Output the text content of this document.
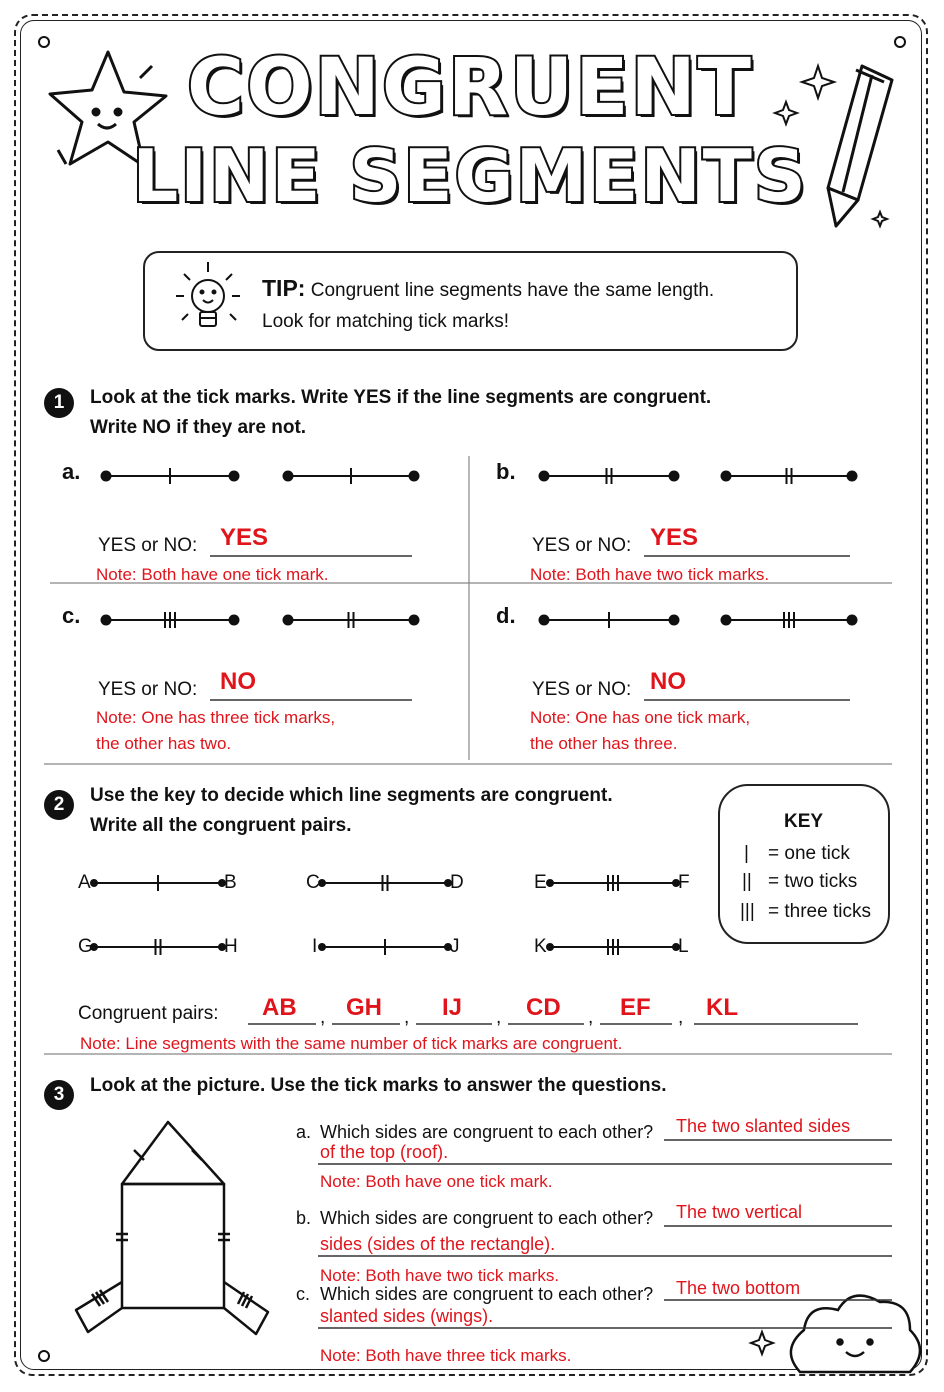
CONGRUENT
LINE SEGMENTS
TIP: Congruent line segments have the same length.
Look for matching tick marks!
1	Look at the tick marks. Write YES if the line segments are congruent.
Write NO if they are not.
a.
YES or NO: YES
Note: Both have one tick mark.
b.
YES or NO: YES
Note: Both have two tick marks.
c.
YES or NO: NO
Note: One has three tick marks,
the other has two.
d.
YES or NO: NO
Note: One has one tick mark,
the other has three.
2	Use the key to decide which line segments are congruent.
Write all the congruent pairs.	KEY
| = one tick
|| = two ticks
||| = three ticks
A	B	C	D	E	F
G	H	I	J	K	L
Congruent pairs: AB , GH , IJ , CD , EF , KL
Note: Line segments with the same number of tick marks are congruent.
3	Look at the picture. Use the tick marks to answer the questions.
a. Which sides are congruent to each other? The two slanted sides
of the top (roof).
Note: Both have one tick mark.
b. Which sides are congruent to each other? The two vertical
sides (sides of the rectangle).
Note: Both have two tick marks.
c. Which sides are congruent to each other? The two bottom
slanted sides (wings).
Note: Both have three tick marks.
